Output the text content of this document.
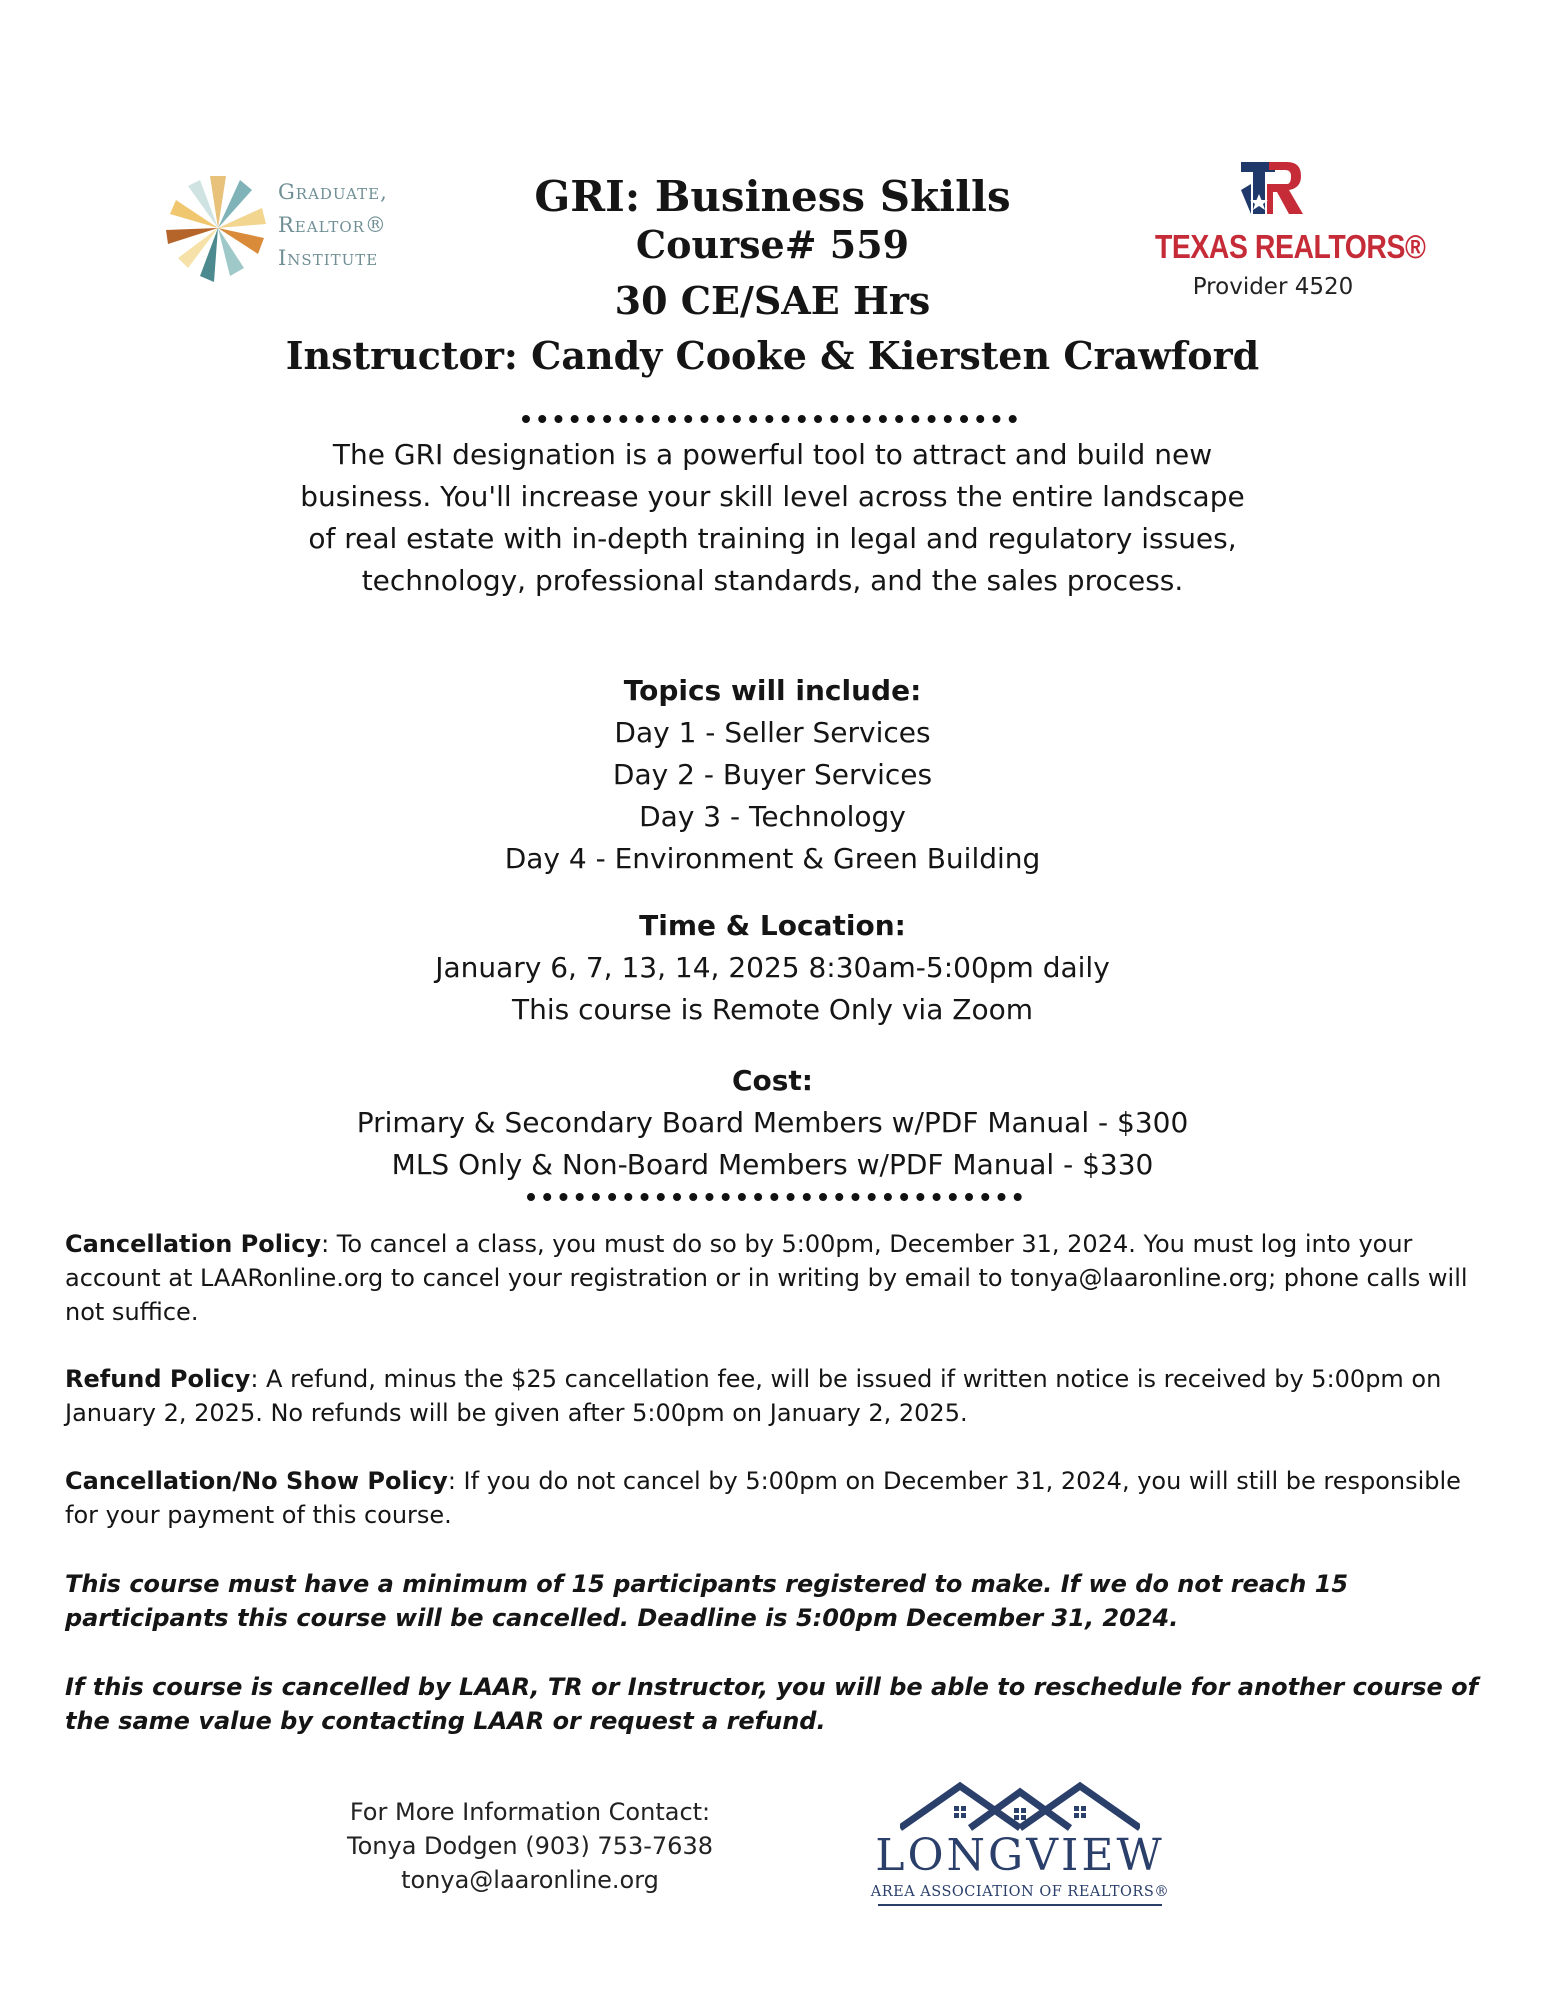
Graduate,
Realtor®
Institute	TEXAS REALTORS®
Provider 4520
GRI: Business Skills
Course# 559
30 CE/SAE Hrs
Instructor: Candy Cooke & Kiersten Crawford
The GRI designation is a powerful tool to attract and build new business. You'll increase your skill level across the entire landscape of real estate with in-depth training in legal and regulatory issues, technology, professional standards, and the sales process.
Topics will include:
Day 1 - Seller Services
Day 2 - Buyer Services
Day 3 - Technology
Day 4 - Environment & Green Building
Time & Location:
January 6, 7, 13, 14, 2025 8:30am-5:00pm daily
This course is Remote Only via Zoom
Cost:
Primary & Secondary Board Members w/PDF Manual - $300
MLS Only & Non-Board Members w/PDF Manual - $330
Cancellation Policy: To cancel a class, you must do so by 5:00pm, December 31, 2024. You must log into your account at LAARonline.org to cancel your registration or in writing by email to tonya@laaronline.org; phone calls will not suffice.
Refund Policy: A refund, minus the $25 cancellation fee, will be issued if written notice is received by 5:00pm on January 2, 2025. No refunds will be given after 5:00pm on January 2, 2025.
Cancellation/No Show Policy: If you do not cancel by 5:00pm on December 31, 2024, you will still be responsible for your payment of this course.
This course must have a minimum of 15 participants registered to make. If we do not reach 15 participants this course will be cancelled. Deadline is 5:00pm December 31, 2024.
If this course is cancelled by LAAR, TR or Instructor, you will be able to reschedule for another course of the same value by contacting LAAR or request a refund.
For More Information Contact:
Tonya Dodgen (903) 753-7638
tonya@laaronline.org	LONGVIEW
AREA ASSOCIATION OF REALTORS®
